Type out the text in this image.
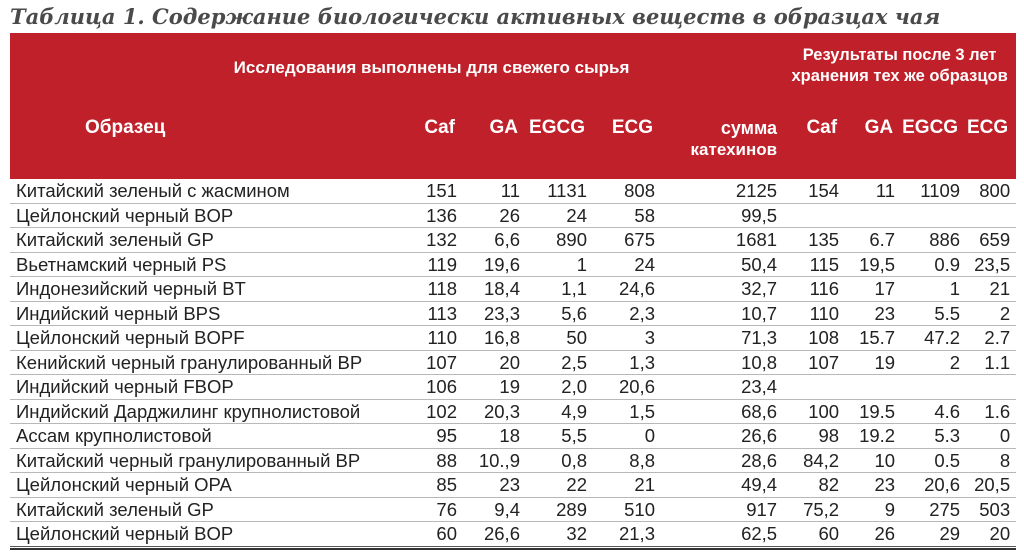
Таблица 1. Содержание биологически активных веществ в образцах чая
Исследования выполнены для свежего сырья						Результаты после 3 лет
хранения тех же образцов			

Образец	Caf	GA	EGCG	ECG	сумма
катехинов	Caf	GA	EGCG	ECG
Китайский зеленый с жасмином	151	11	1131	808	2125	154	11	1109	800
Цейлонский черный BOP	136	26	24	58	99,5				
Китайский зеленый GP	132	6,6	890	675	1681	135	6.7	886	659
Вьетнамский черный PS	119	19,6	1	24	50,4	115	19,5	0.9	23,5
Индонезийский черный BT	118	18,4	1,1	24,6	32,7	116	17	1	21
Индийский черный BPS	113	23,3	5,6	2,3	10,7	110	23	5.5	2
Цейлонский черный BOPF	110	16,8	50	3	71,3	108	15.7	47.2	2.7
Кенийский черный гранулированный BP	107	20	2,5	1,3	10,8	107	19	2	1.1
Индийский черный FBOP	106	19	2,0	20,6	23,4				
Индийский Дарджилинг крупнолистовой	102	20,3	4,9	1,5	68,6	100	19.5	4.6	1.6
Ассам крупнолистовой	95	18	5,5	0	26,6	98	19.2	5.3	0
Китайский черный гранулированный BP	88	10.,9	0,8	8,8	28,6	84,2	10	0.5	8
Цейлонский черный OPA	85	23	22	21	49,4	82	23	20,6	20,5
Китайский зеленый GP	76	9,4	289	510	917	75,2	9	275	503
Цейлонский черный BOP	60	26,6	32	21,3	62,5	60	26	29	20
